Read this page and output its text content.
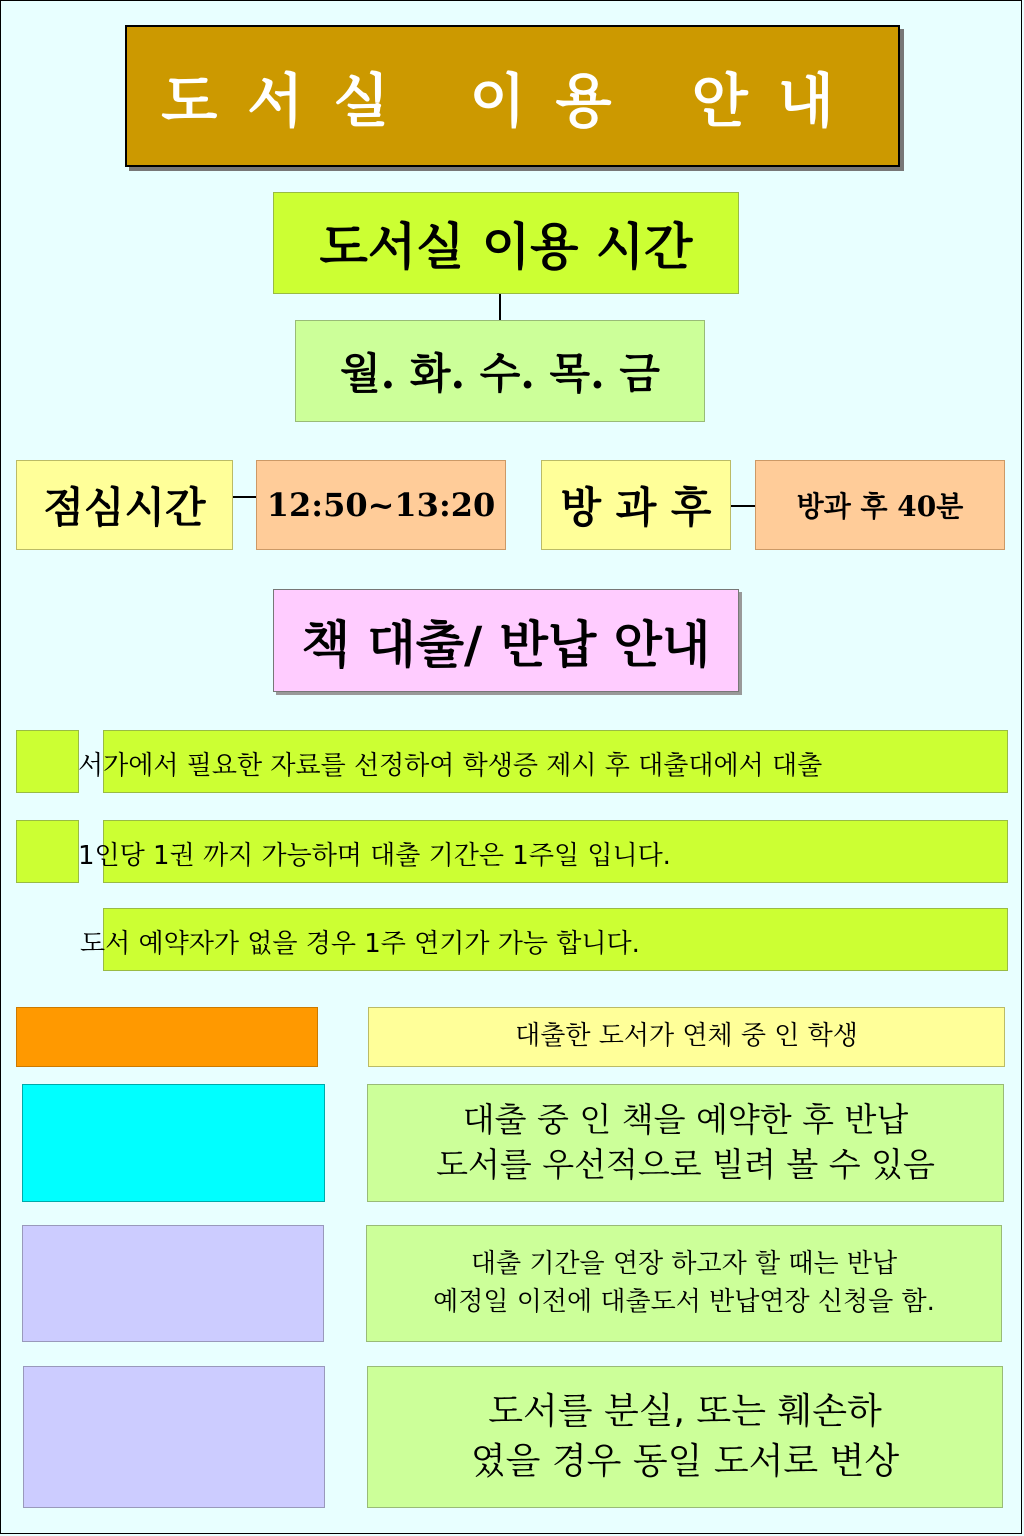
도서실 이용 안내
도서실 이용 시간
월. 화. 수. 목. 금
점심시간 12:50~13:20 방 과 후	방과 후 40분
책 대출/ 반납 안내
서가에서 필요한 자료를 선정하여 학생증 제시 후 대출대에서 대출
1인당 1권 까지 가능하며 대출 기간은 1주일 입니다.
도서 예약자가 없을 경우 1주 연기가 가능 합니다.
대출한 도서가 연체 중 인 학생
대출 중 인 책을 예약한 후 반납
도서를 우선적으로 빌려 볼 수 있음
대출 기간을 연장 하고자 할 때는 반납
예정일 이전에 대출도서 반납연장 신청을 함.
도서를 분실, 또는 훼손하
였을 경우 동일 도서로 변상
